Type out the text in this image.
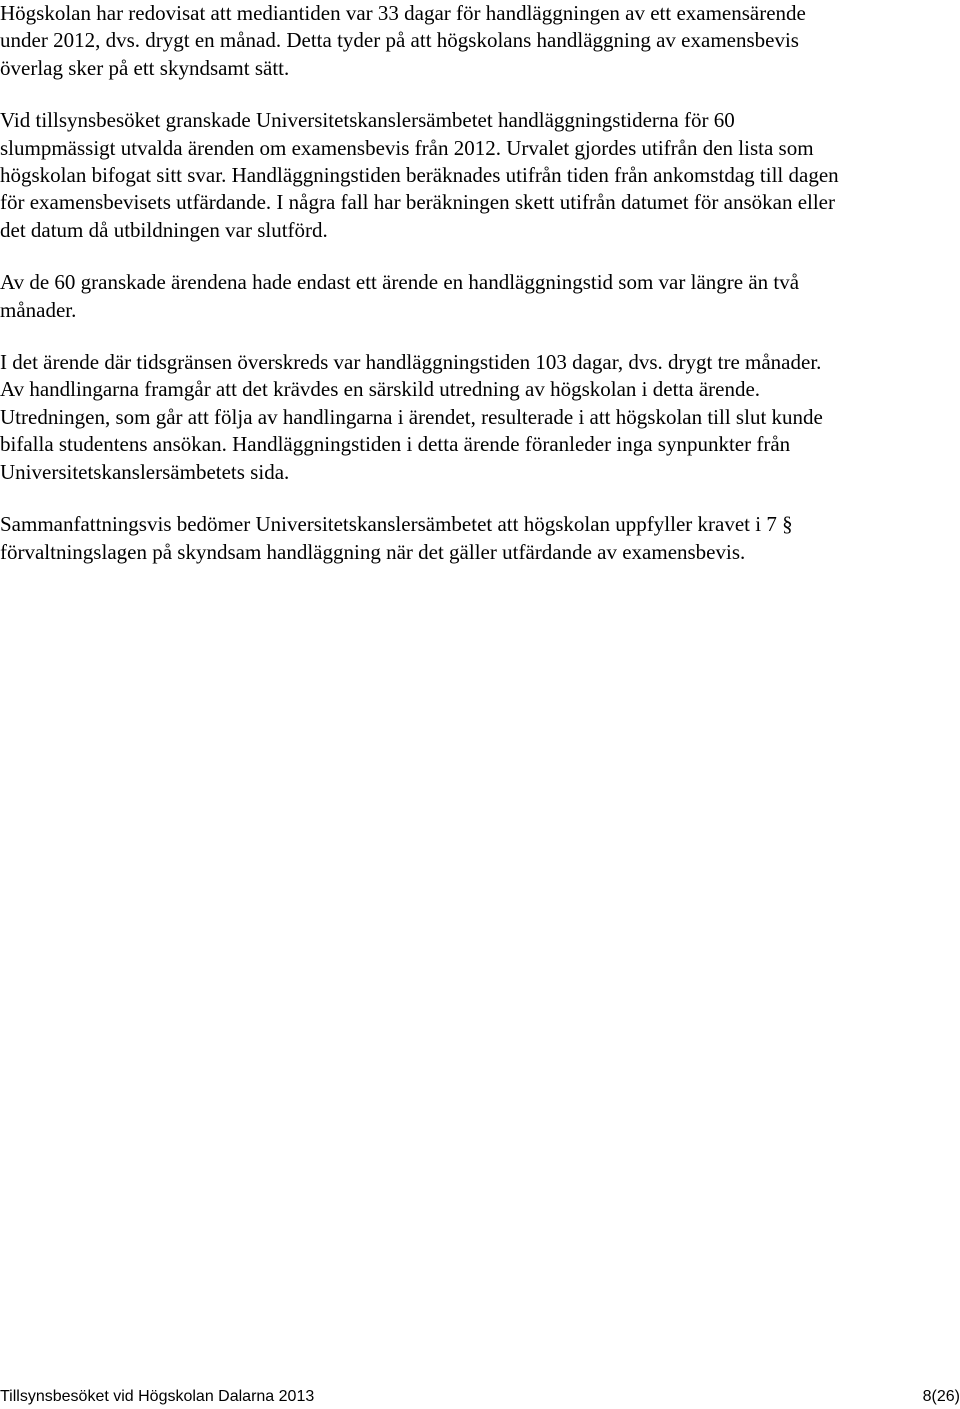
Högskolan har redovisat att mediantiden var 33 dagar för handläggningen av ett examensärende under 2012, dvs. drygt en månad. Detta tyder på att högskolans handläggning av examensbevis överlag sker på ett skyndsamt sätt.

Vid tillsynsbesöket granskade Universitetskanslersämbetet handläggningstiderna för 60 slumpmässigt utvalda ärenden om examensbevis från 2012. Urvalet gjordes utifrån den lista som högskolan bifogat sitt svar. Handläggningstiden beräknades utifrån tiden från ankomstdag till dagen för examensbevisets utfärdande. I några fall har beräkningen skett utifrån datumet för ansökan eller det datum då utbildningen var slutförd.

Av de 60 granskade ärendena hade endast ett ärende en handläggningstid som var längre än två månader.

I det ärende där tidsgränsen överskreds var handläggningstiden 103 dagar, dvs. drygt tre månader. Av handlingarna framgår att det krävdes en särskild utredning av högskolan i detta ärende. Utredningen, som går att följa av handlingarna i ärendet, resulterade i att högskolan till slut kunde bifalla studentens ansökan. Handläggningstiden i detta ärende föranleder inga synpunkter från Universitetskanslersämbetets sida.

Sammanfattningsvis bedömer Universitetskanslersämbetet att högskolan uppfyller kravet i 7 § förvaltningslagen på skyndsam handläggning när det gäller utfärdande av examensbevis.

Tillsynsbesöket vid Högskolan Dalarna 2013	8(26)
